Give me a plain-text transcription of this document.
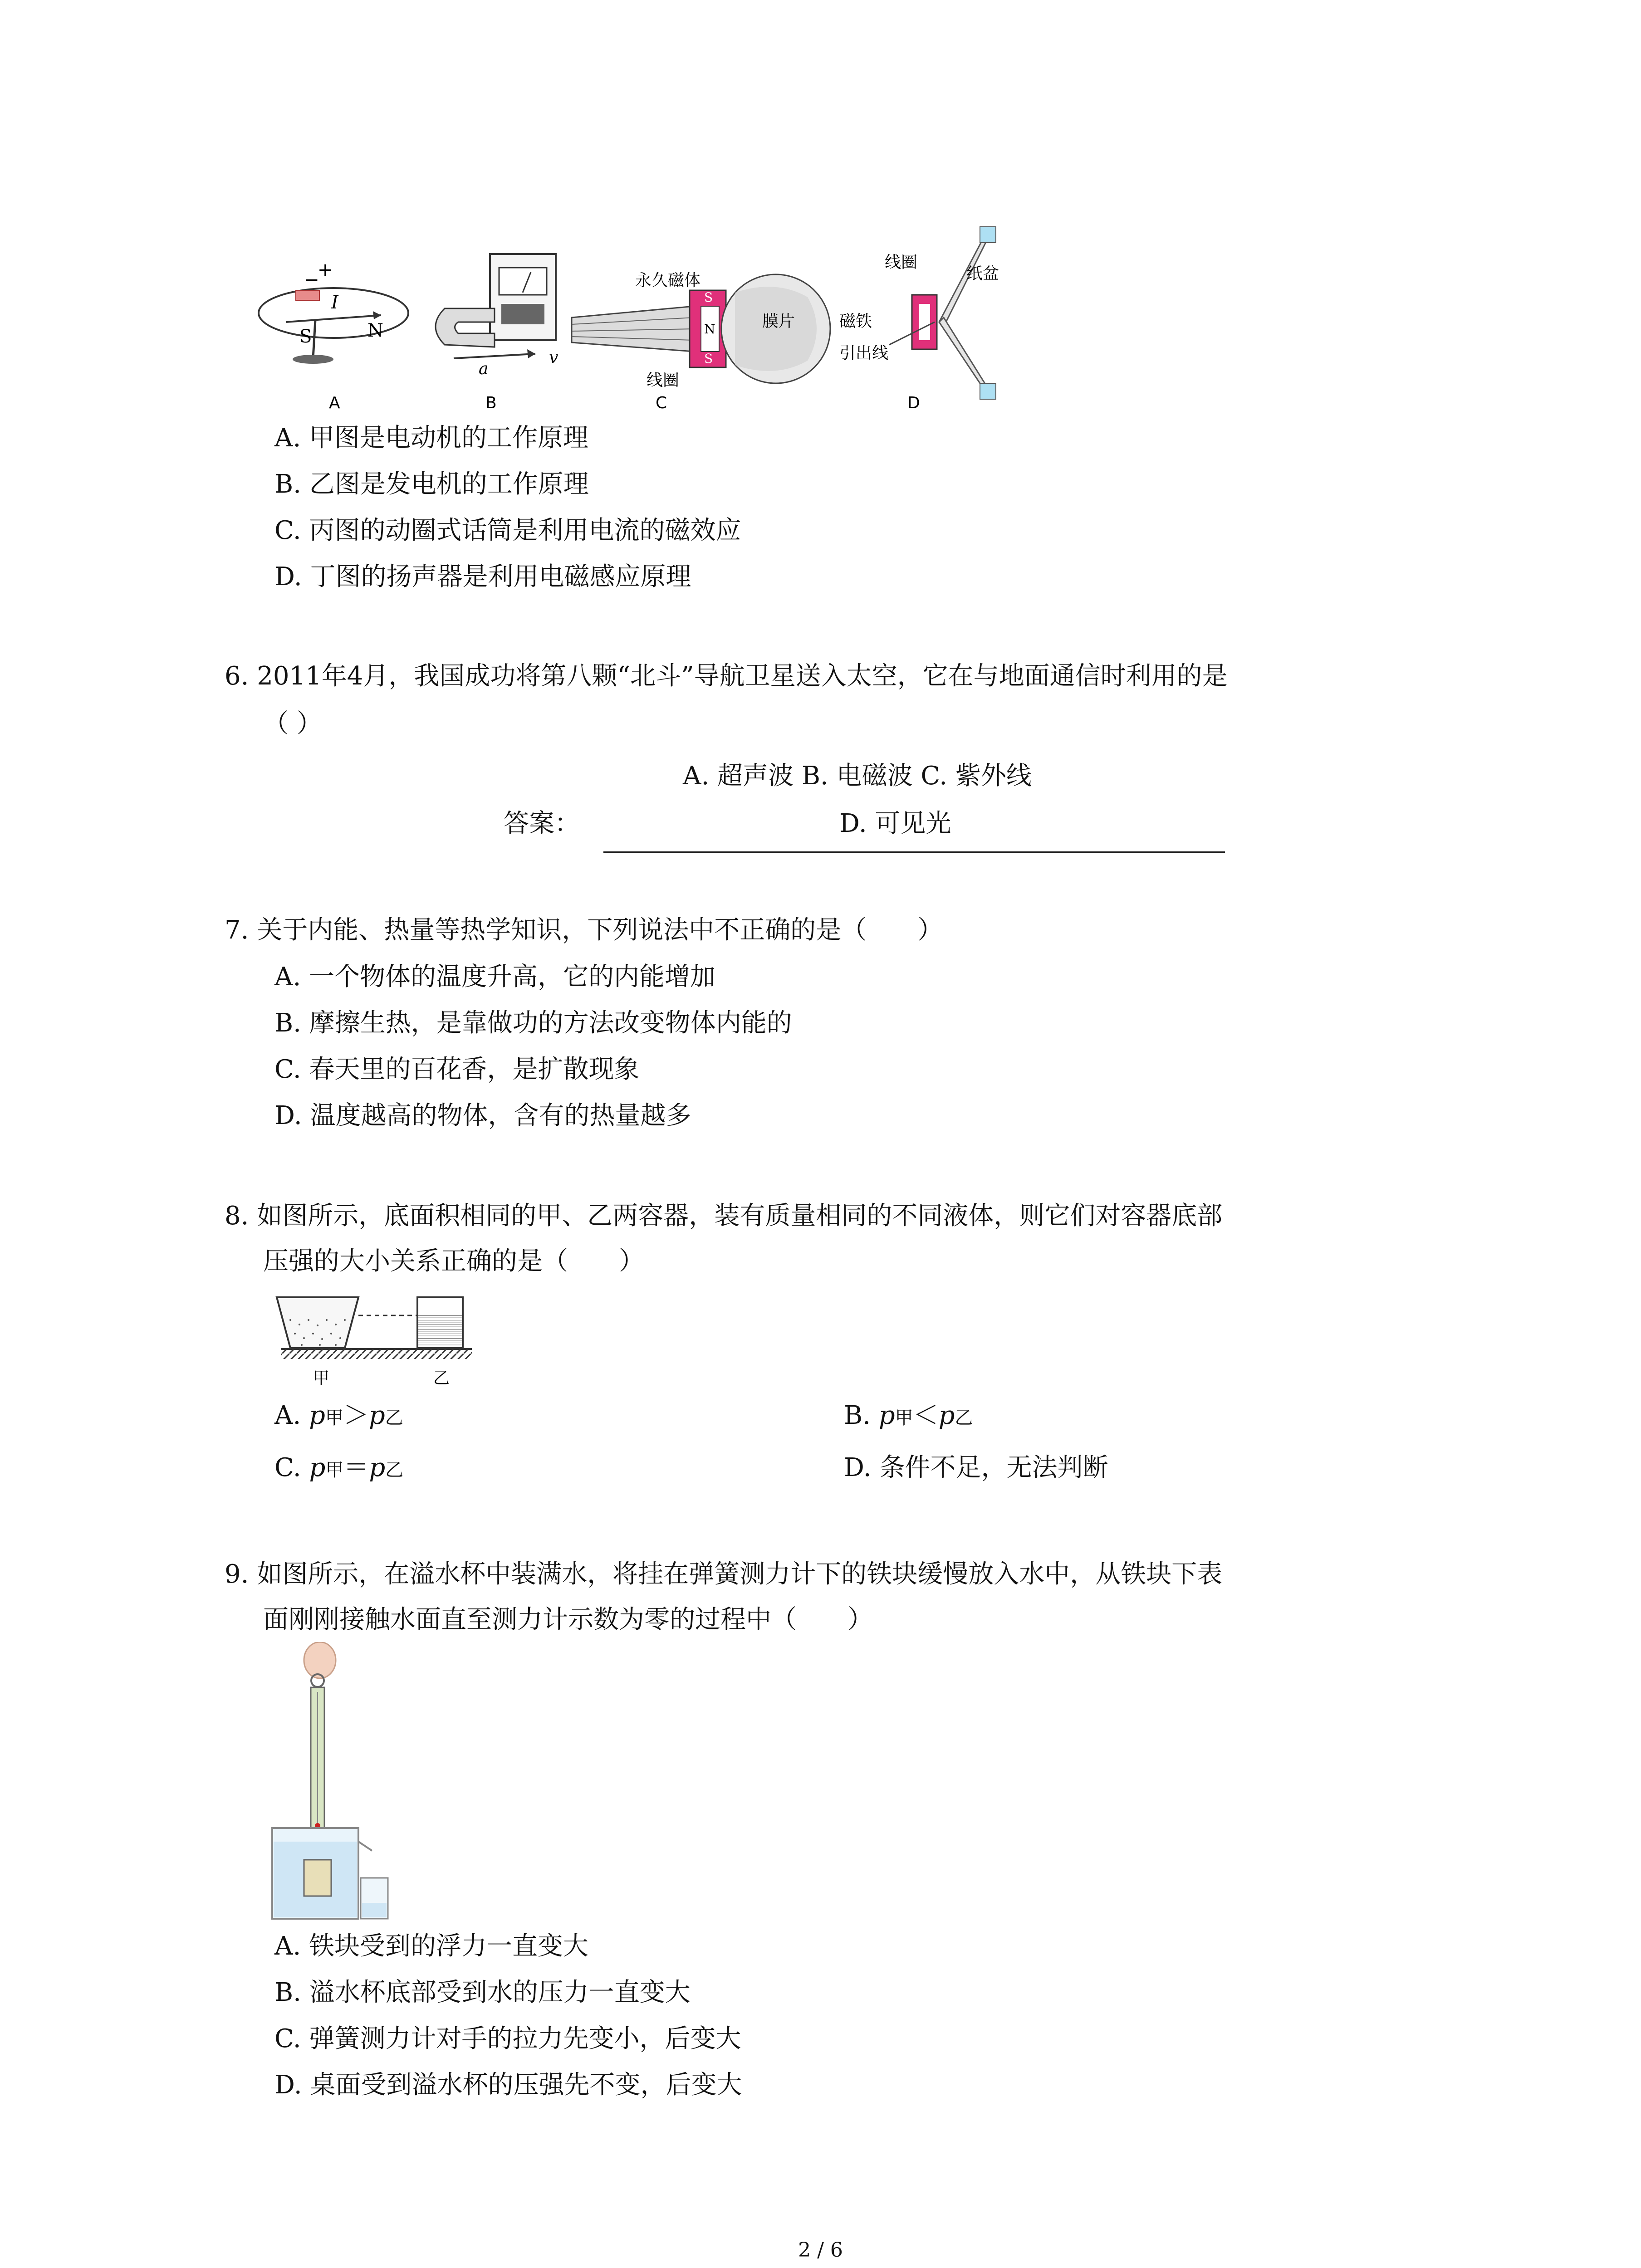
−
+
I
S	N
a
v
永久磁体
线圈
膜片
S
N
S
线圈
纸盆
磁铁
引出线
A	B	C	D
A. 甲图是电动机的工作原理
B. 乙图是发电机的工作原理
C. 丙图的动圈式话筒是利用电流的磁效应
D. 丁图的扬声器是利用电磁感应原理
6. 2011年4月，我国成功将第八颗“北斗”导航卫星送入太空，它在与地面通信时利用的是
（ ）
A. 超声波 B. 电磁波 C. 紫外线
答案：	D. 可见光
7. 关于内能、热量等热学知识，下列说法中不正确的是（　　）
A. 一个物体的温度升高，它的内能增加
B. 摩擦生热，是靠做功的方法改变物体内能的
C. 春天里的百花香，是扩散现象
D. 温度越高的物体，含有的热量越多
8. 如图所示，底面积相同的甲、乙两容器，装有质量相同的不同液体，则它们对容器底部
压强的大小关系正确的是（　　）
甲	乙
A. p甲＞p乙	B. p甲＜p乙
C. p甲＝p乙	D. 条件不足，无法判断
9. 如图所示，在溢水杯中装满水，将挂在弹簧测力计下的铁块缓慢放入水中，从铁块下表
面刚刚接触水面直至测力计示数为零的过程中（　　）
A. 铁块受到的浮力一直变大
B. 溢水杯底部受到水的压力一直变大
C. 弹簧测力计对手的拉力先变小，后变大
D. 桌面受到溢水杯的压强先不变，后变大
2 / 6
